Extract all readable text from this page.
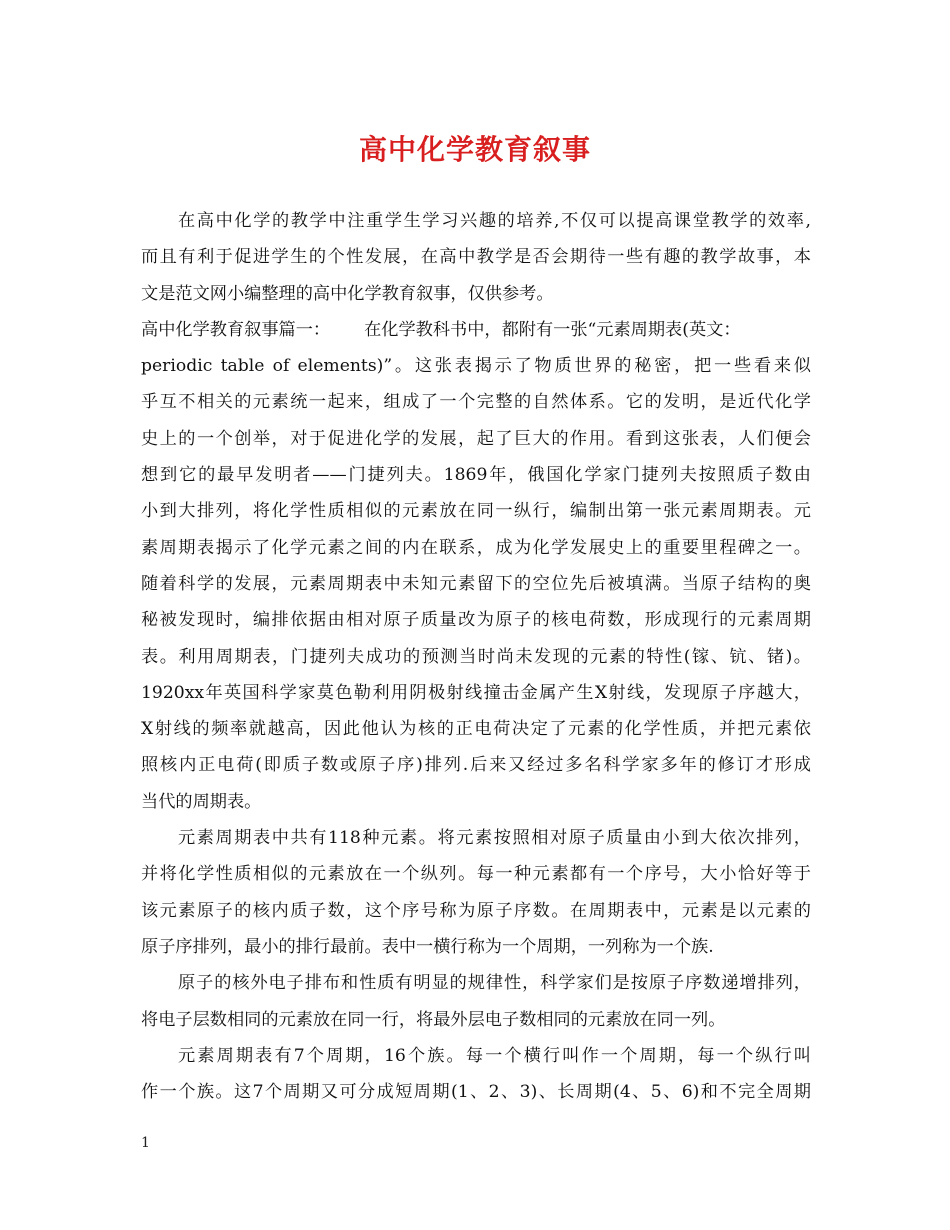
高中化学教育叙事
在高中化学的教学中注重学生学习兴趣的培养,不仅可以提高课堂教学的效率,
而且有利于促进学生的个性发展，在高中教学是否会期待一些有趣的教学故事，本
文是范文网小编整理的高中化学教育叙事，仅供参考。
高中化学教育叙事篇一： 在化学教科书中，都附有一张“元素周期表(英文：
periodic table of elements)”。这张表揭示了物质世界的秘密，把一些看来似
乎互不相关的元素统一起来，组成了一个完整的自然体系。它的发明，是近代化学
史上的一个创举，对于促进化学的发展，起了巨大的作用。看到这张表，人们便会
想到它的最早发明者——门捷列夫。1869年，俄国化学家门捷列夫按照质子数由
小到大排列，将化学性质相似的元素放在同一纵行，编制出第一张元素周期表。元
素周期表揭示了化学元素之间的内在联系，成为化学发展史上的重要里程碑之一。
随着科学的发展，元素周期表中未知元素留下的空位先后被填满。当原子结构的奥
秘被发现时，编排依据由相对原子质量改为原子的核电荷数，形成现行的元素周期
表。利用周期表，门捷列夫成功的预测当时尚未发现的元素的特性(镓、钪、锗)。
1920xx年英国科学家莫色勒利用阴极射线撞击金属产生X射线，发现原子序越大，
X射线的频率就越高，因此他认为核的正电荷决定了元素的化学性质，并把元素依
照核内正电荷(即质子数或原子序)排列.后来又经过多名科学家多年的修订才形成
当代的周期表。
元素周期表中共有118种元素。将元素按照相对原子质量由小到大依次排列，
并将化学性质相似的元素放在一个纵列。每一种元素都有一个序号，大小恰好等于
该元素原子的核内质子数，这个序号称为原子序数。在周期表中，元素是以元素的
原子序排列，最小的排行最前。表中一横行称为一个周期，一列称为一个族.
原子的核外电子排布和性质有明显的规律性，科学家们是按原子序数递增排列，
将电子层数相同的元素放在同一行，将最外层电子数相同的元素放在同一列。
元素周期表有7个周期，16个族。每一个横行叫作一个周期，每一个纵行叫
作一个族。这7个周期又可分成短周期(1、2、3)、长周期(4、5、6)和不完全周期
1
